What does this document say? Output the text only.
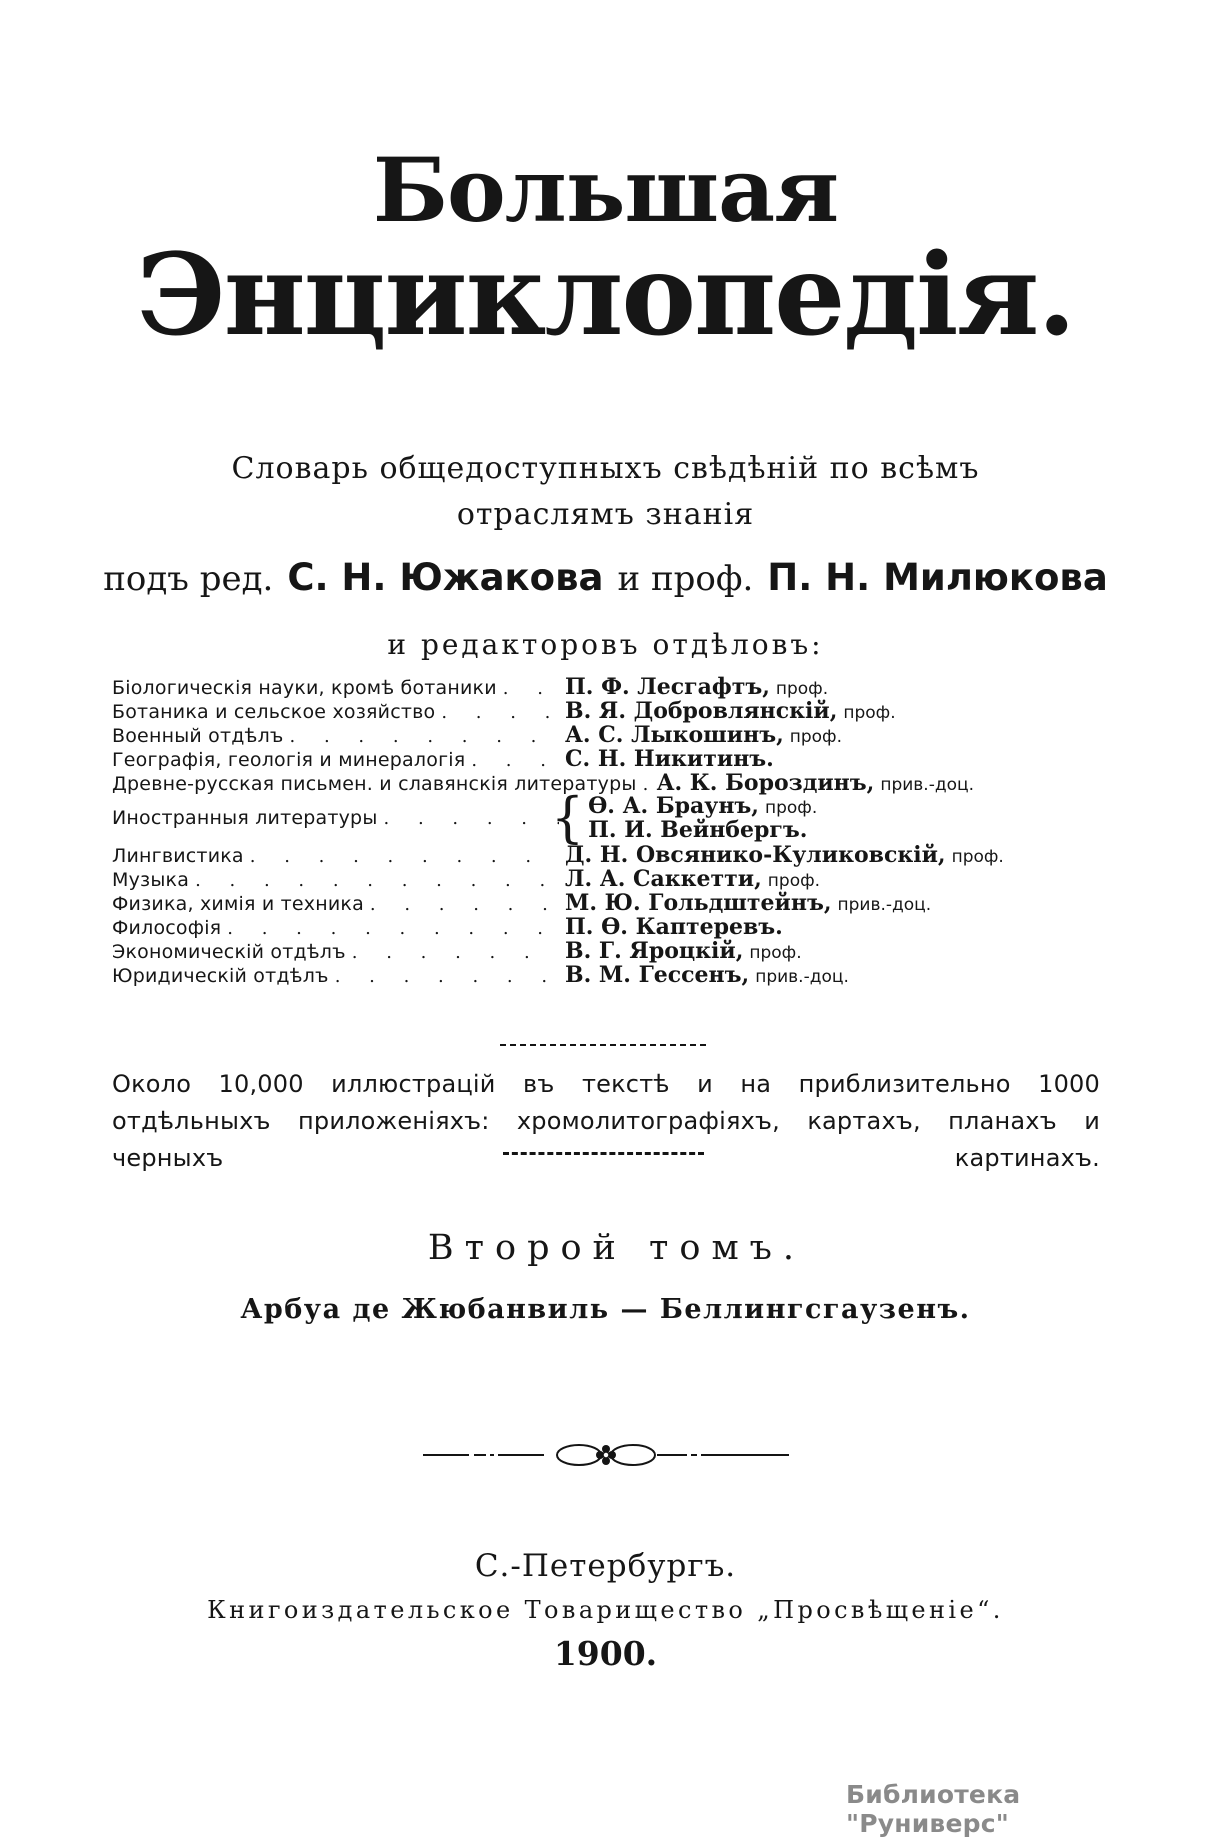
Большая
Энциклопедія.
Словарь общедоступныхъ свѣдѣній по всѣмъ
отраслямъ знанія
подъ ред. С. Н. Южакова и проф. П. Н. Милюкова
и редакторовъ отдѣловъ:
Біологическія науки, кромѣ ботаники . . .	П. Ф. Лесгафтъ, проф.
Ботаника и сельское хозяйство . . .	В. Я. Добровлянскій, проф.
Военный отдѣлъ . . .	А. С. Лыкошинъ, проф.
Географія, геологія и минералогія . . .	С. Н. Никитинъ.
Древне-русская письмен. и славянскія литературы . . . А. К. Бороздинъ, прив.-доц.
Иностранныя литературы . . .	{ Ѳ. А. Браунъ, проф.
П. И. Вейнбергъ.
Лингвистика . . .	Д. Н. Овсянико-Куликовскій, проф.
Музыка . . .	Л. А. Саккетти, проф.
Физика, химія и техника . . .	М. Ю. Гольдштейнъ, прив.-доц.
Философія . . .	П. Ѳ. Каптеревъ.
Экономическій отдѣлъ . . .	В. Г. Яроцкій, проф.
Юридическій отдѣлъ . . .	В. М. Гессенъ, прив.-доц.
Около 10,000 иллюстрацій въ текстѣ и на приблизительно 1000 отдѣльныхъ приложеніяхъ: хромолитографіяхъ, картахъ, планахъ и черныхъ картинахъ.
Второй томъ.
Арбуа де Жюбанвиль — Беллингсгаузенъ.
С.-Петербургъ.
Книгоиздательское Товарищество „Просвѣщеніе“.
1900.
Библиотека "Руниверс"
